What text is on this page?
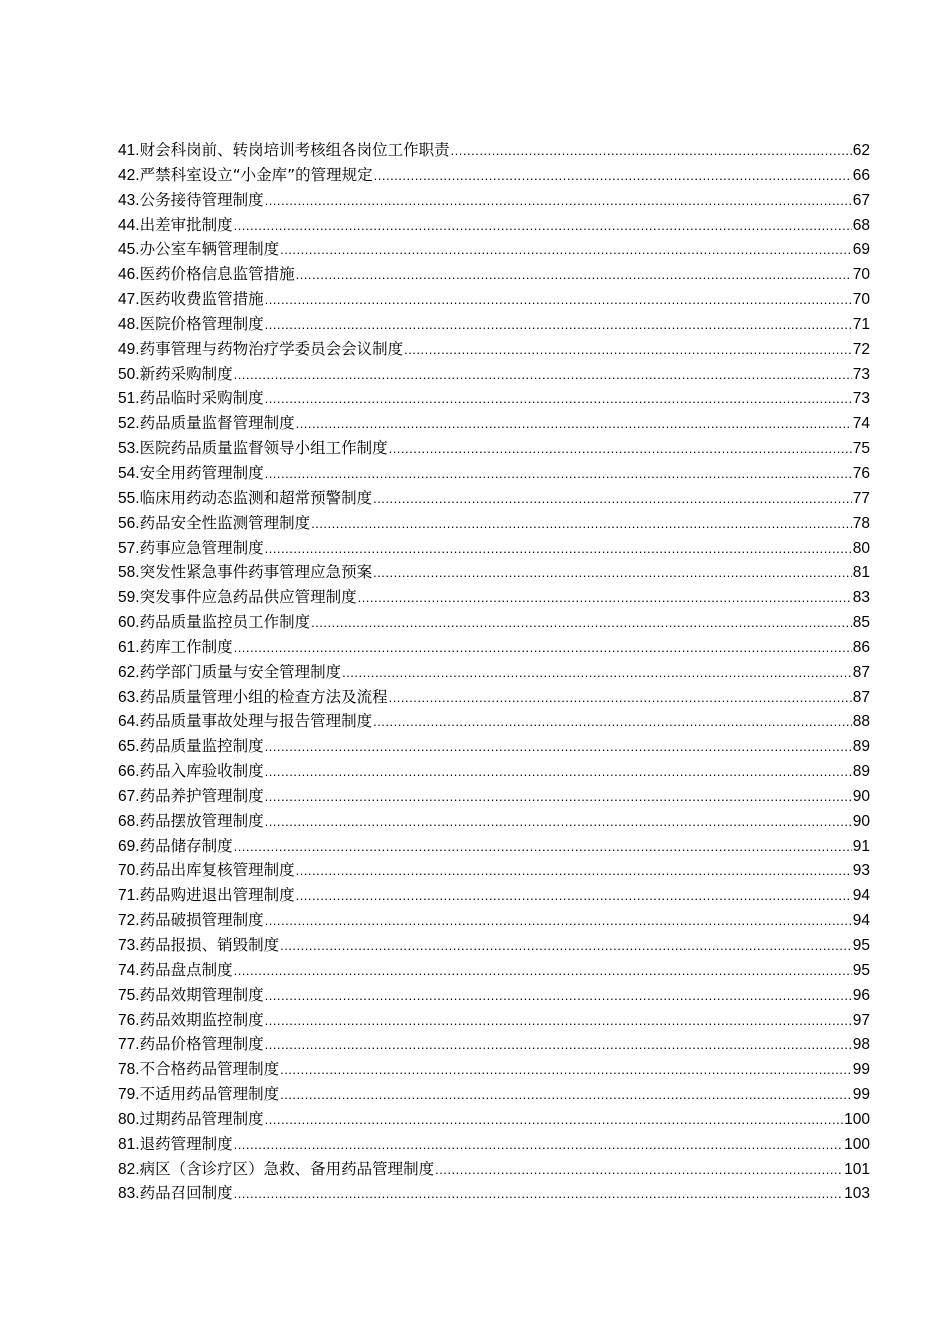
41.财会科岗前、转岗培训考核组各岗位工作职责 .....	62
42.严禁科室设立“小金库”的管理规定 .....	66
43.公务接待管理制度 .....	67
44.出差审批制度 .....	68
45.办公室车辆管理制度 .....	69
46.医药价格信息监管措施 .....	70
47.医药收费监管措施 .....	70
48.医院价格管理制度 .....	71
49.药事管理与药物治疗学委员会会议制度 .....	72
50.新药采购制度 .....	73
51.药品临时采购制度 .....	73
52.药品质量监督管理制度 .....	74
53.医院药品质量监督领导小组工作制度 .....	75
54.安全用药管理制度 .....	76
55.临床用药动态监测和超常预警制度 .....	77
56.药品安全性监测管理制度 .....	78
57.药事应急管理制度 .....	80
58.突发性紧急事件药事管理应急预案 .....	81
59.突发事件应急药品供应管理制度 .....	83
60.药品质量监控员工作制度 .....	85
61.药库工作制度 .....	86
62.药学部门质量与安全管理制度 .....	87
63.药品质量管理小组的检查方法及流程 .....	87
64.药品质量事故处理与报告管理制度 .....	88
65.药品质量监控制度 .....	89
66.药品入库验收制度 .....	89
67.药品养护管理制度 .....	90
68.药品摆放管理制度 .....	90
69.药品储存制度 .....	91
70.药品出库复核管理制度 .....	93
71.药品购进退出管理制度 .....	94
72.药品破损管理制度 .....	94
73.药品报损、销毁制度 .....	95
74.药品盘点制度 .....	95
75.药品效期管理制度 .....	96
76.药品效期监控制度 .....	97
77.药品价格管理制度 .....	98
78.不合格药品管理制度 .....	99
79.不适用药品管理制度 .....	99
80.过期药品管理制度 .....	100
81.退药管理制度 .....	100
82.病区（含诊疗区）急救、备用药品管理制度 .....	101
83.药品召回制度 .....	103
